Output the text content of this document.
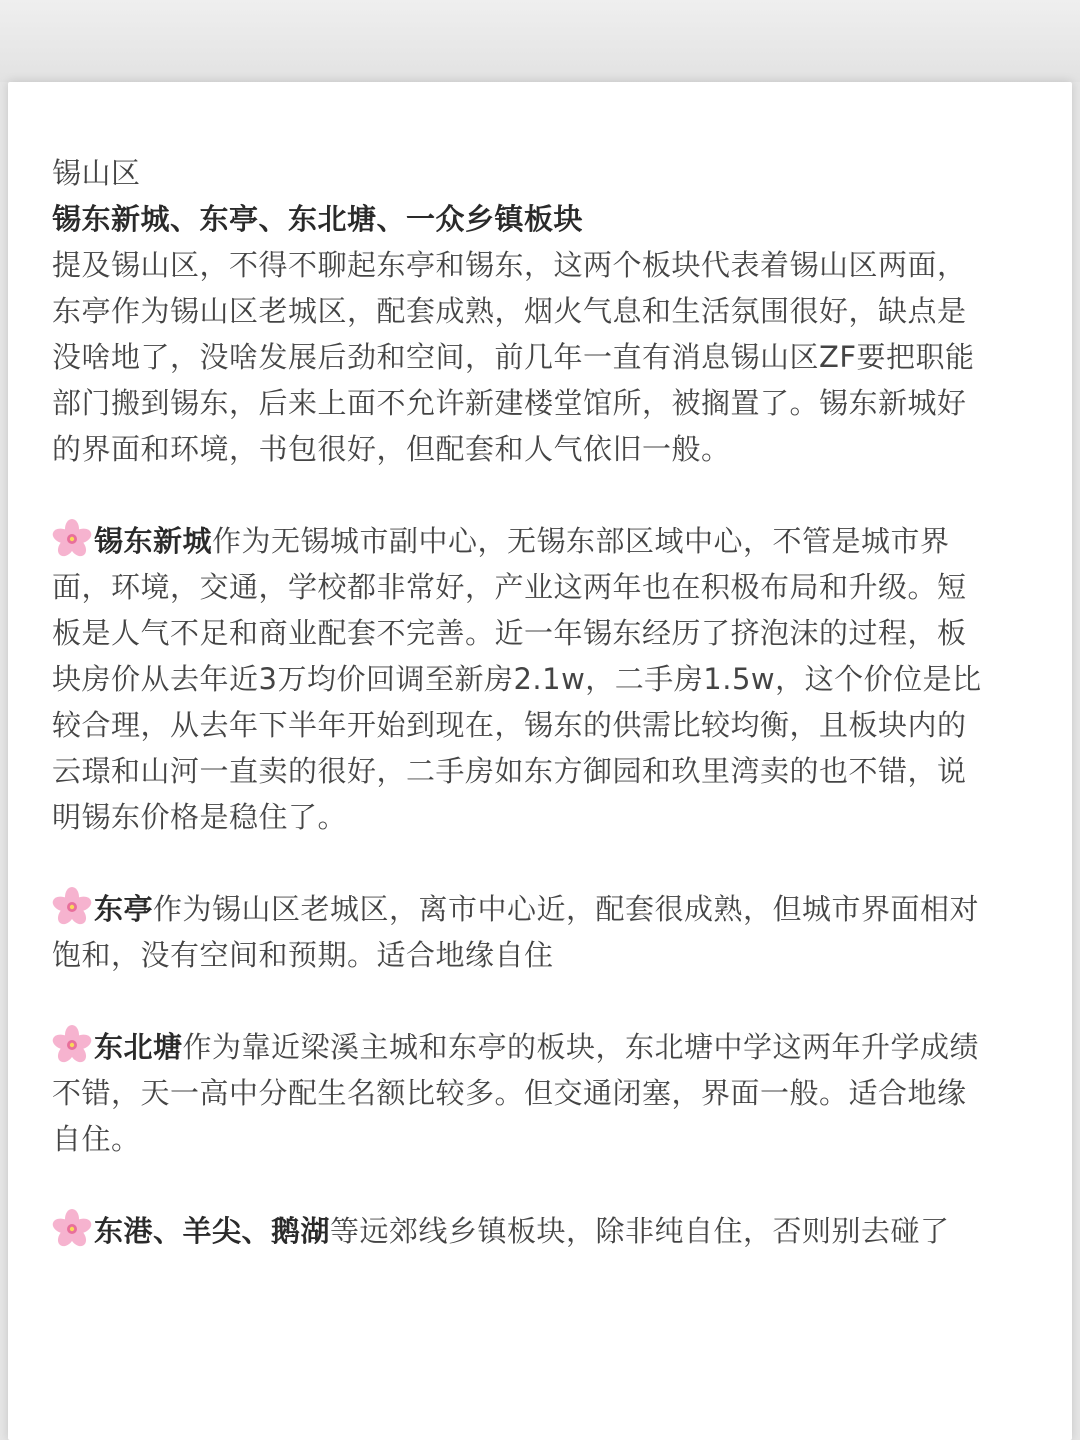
锡山区
锡东新城、东亭、东北塘、一众乡镇板块
提及锡山区，不得不聊起东亭和锡东，这两个板块代表着锡山区两面，
东亭作为锡山区老城区，配套成熟，烟火气息和生活氛围很好，缺点是
没啥地了，没啥发展后劲和空间，前几年一直有消息锡山区ZF要把职能
部门搬到锡东，后来上面不允许新建楼堂馆所，被搁置了。锡东新城好
的界面和环境，书包很好，但配套和人气依旧一般。
锡东新城作为无锡城市副中心，无锡东部区域中心，不管是城市界
面，环境，交通，学校都非常好，产业这两年也在积极布局和升级。短
板是人气不足和商业配套不完善。近一年锡东经历了挤泡沫的过程，板
块房价从去年近3万均价回调至新房2.1w，二手房1.5w，这个价位是比
较合理，从去年下半年开始到现在，锡东的供需比较均衡，且板块内的
云璟和山河一直卖的很好，二手房如东方御园和玖里湾卖的也不错，说
明锡东价格是稳住了。
东亭作为锡山区老城区，离市中心近，配套很成熟，但城市界面相对
饱和，没有空间和预期。适合地缘自住
东北塘作为靠近梁溪主城和东亭的板块，东北塘中学这两年升学成绩
不错，天一高中分配生名额比较多。但交通闭塞，界面一般。适合地缘
自住。
东港、羊尖、鹅湖等远郊线乡镇板块，除非纯自住，否则别去碰了
